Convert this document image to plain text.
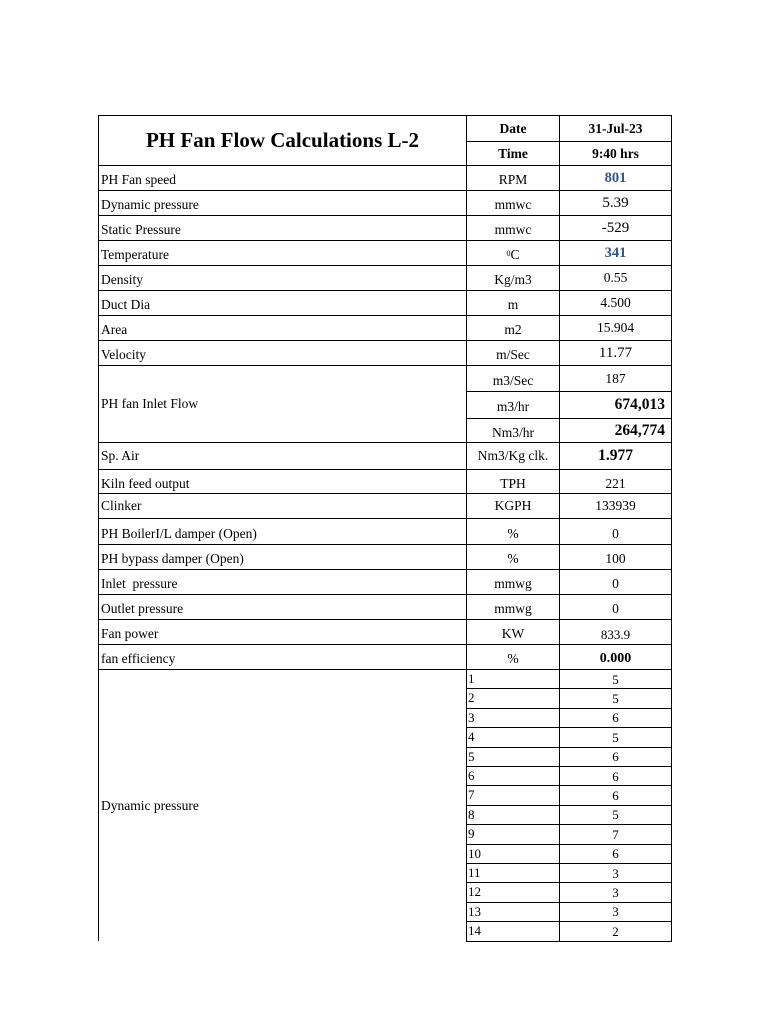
PH Fan Flow Calculations L-2	Date	31-Jul-23
Time	9:40 hrs
PH Fan speed	RPM	801
Dynamic pressure	mmwc	5.39
Static Pressure	mmwc	-529
Temperature	$^0$ C	341
Density	Kg/m3	0.55
Duct Dia	m	4.500
Area	m2	15.904
Velocity	m/Sec	11.77
PH fan Inlet Flow
m3/Sec	187
m3/hr	674,013
Nm3/hr	264,774
Sp. Air	Nm3/Kg clk.	1.977
Kiln feed output	TPH	221
Clinker	KGPH	133939
PH BoilerI/L damper (Open)	%	0
PH bypass damper (Open)	%	100
Inlet  pressure	mmwg	0
Outlet pressure	mmwg	0
Fan power	KW	833.9
fan efficiency	%	0.000
Dynamic pressure
1	5
2	5
3	6
4	5
5	6
6	6
7	6
8	5
9	7
10	6
11	3
12	3
13	3
14	2
